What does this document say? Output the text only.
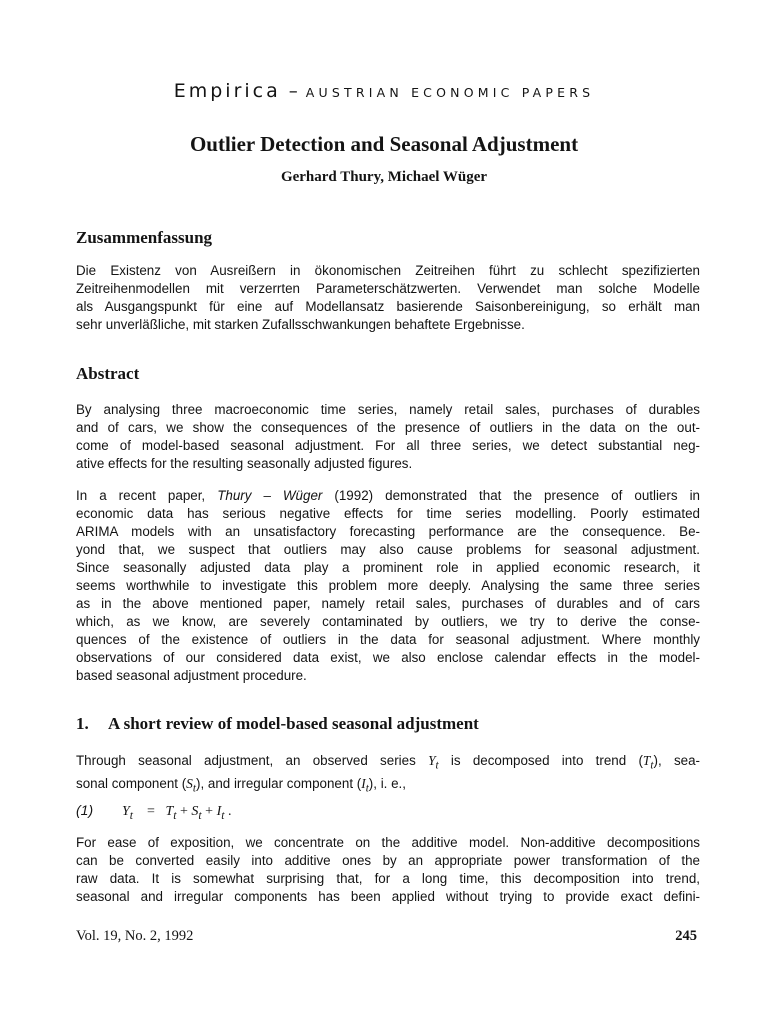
Empirica – AUSTRIAN ECONOMIC PAPERS
Outlier Detection and Seasonal Adjustment
Gerhard Thury, Michael Wüger
Zusammenfassung

Die Existenz von Ausreißern in ökonomischen Zeitreihen führt zu schlecht spezifizierten
Zeitreihenmodellen mit verzerrten Parameterschätzwerten. Verwendet man solche Modelle
als Ausgangspunkt für eine auf Modellansatz basierende Saisonbereinigung, so erhält man
sehr unverläßliche, mit starken Zufallsschwankungen behaftete Ergebnisse.

Abstract

By analysing three macroeconomic time series, namely retail sales, purchases of durables
and of cars, we show the consequences of the presence of outliers in the data on the out-
come of model-based seasonal adjustment. For all three series, we detect substantial neg-
ative effects for the resulting seasonally adjusted figures.

In a recent paper, Thury – Wüger (1992) demonstrated that the presence of outliers in
economic data has serious negative effects for time series modelling. Poorly estimated
ARIMA models with an unsatisfactory forecasting performance are the consequence. Be-
yond that, we suspect that outliers may also cause problems for seasonal adjustment.
Since seasonally adjusted data play a prominent role in applied economic research, it
seems worthwhile to investigate this problem more deeply. Analysing the same three series
as in the above mentioned paper, namely retail sales, purchases of durables and of cars
which, as we know, are severely contaminated by outliers, we try to derive the conse-
quences of the existence of outliers in the data for seasonal adjustment. Where monthly
observations of our considered data exist, we also enclose calendar effects in the model-
based seasonal adjustment procedure.

1. A short review of model-based seasonal adjustment

Through seasonal adjustment, an observed series $Y_t$ is decomposed into trend $(T_t)$, sea-
sonal component $(S_t)$, and irregular component $(I_t)$, i. e.,

(1) $Y_t = T_t + S_t + I_t$ .

For ease of exposition, we concentrate on the additive model. Non-additive decompositions
can be converted easily into additive ones by an appropriate power transformation of the
raw data. It is somewhat surprising that, for a long time, this decomposition into trend,
seasonal and irregular components has been applied without trying to provide exact defini-

Vol. 19, No. 2, 1992	245
